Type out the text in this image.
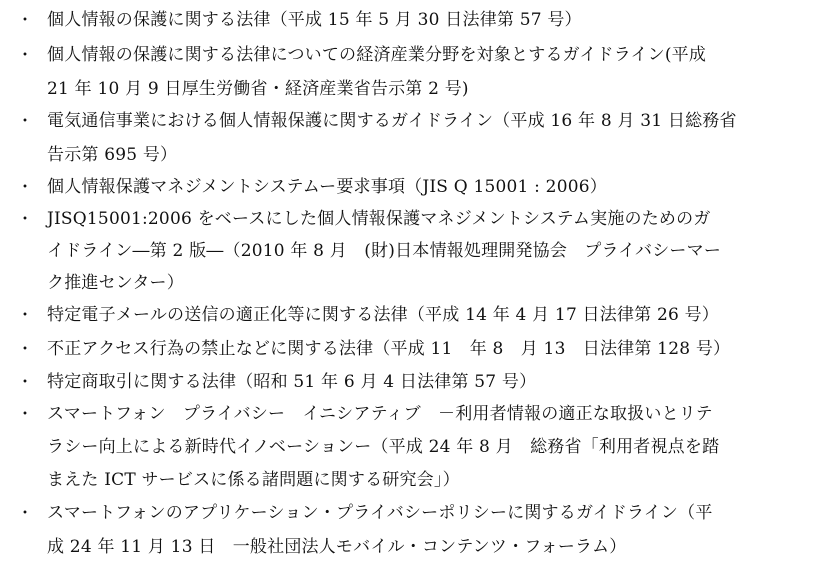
・ 個人情報の保護に関する法律（平成 15 年 5 月 30 日法律第 57 号）
・ 個人情報の保護に関する法律についての経済産業分野を対象とするガイドライン(平成
21 年 10 月 9 日厚生労働省・経済産業省告示第 2 号)
・ 電気通信事業における個人情報保護に関するガイドライン（平成 16 年 8 月 31 日総務省
告示第 695 号）
・ 個人情報保護マネジメントシステムー要求事項（JIS Q 15001 : 2006）
・ JISQ15001:2006 をベースにした個人情報保護マネジメントシステム実施のためのガ
イドライン―第 2 版―（2010 年 8 月　(財)日本情報処理開発協会　プライバシーマー
ク推進センター）
・ 特定電子メールの送信の適正化等に関する法律（平成 14 年 4 月 17 日法律第 26 号）
・ 不正アクセス行為の禁止などに関する法律（平成 11　年 8　月 13　日法律第 128 号）
・ 特定商取引に関する法律（昭和 51 年 6 月 4 日法律第 57 号）
・ スマートフォン　プライバシー　イニシアティブ　－利用者情報の適正な取扱いとリテ
ラシー向上による新時代イノベーションー（平成 24 年 8 月　総務省「利用者視点を踏
まえた ICT サービスに係る諸問題に関する研究会」）
・ スマートフォンのアプリケーション・プライバシーポリシーに関するガイドライン（平
成 24 年 11 月 13 日　一般社団法人モバイル・コンテンツ・フォーラム）
